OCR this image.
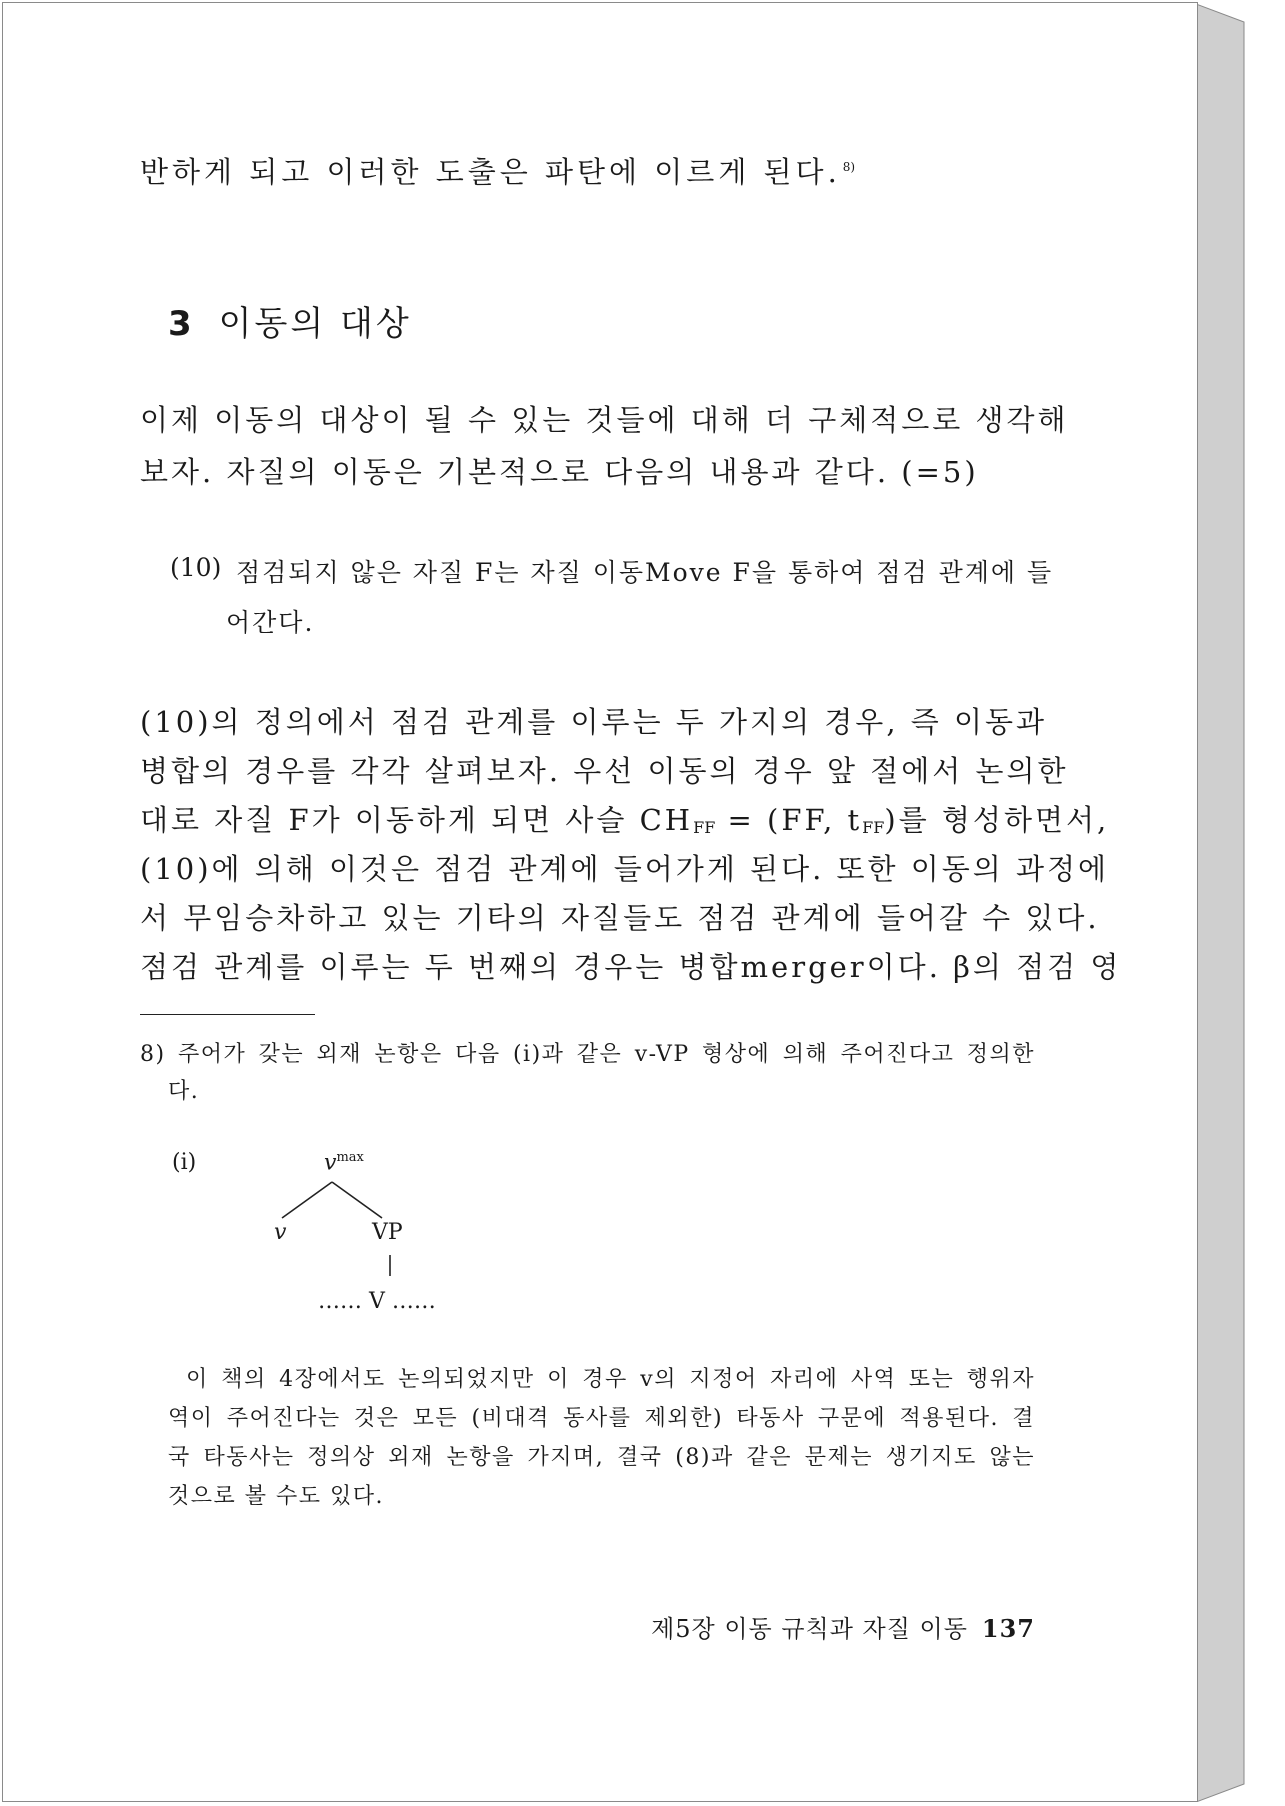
반하게 되고 이러한 도출은 파탄에 이르게 된다. $^{8)}$
3 이동의 대상
이제 이동의 대상이 될 수 있는 것들에 대해 더 구체적으로 생각해
보자. 자질의 이동은 기본적으로 다음의 내용과 같다. (=5)
(10) 점검되지 않은 자질 F는 자질 이동Move F을 통하여 점검 관계에 들
어간다.
(10)의 정의에서 점검 관계를 이루는 두 가지의 경우, 즉 이동과
병합의 경우를 각각 살펴보자. 우선 이동의 경우 앞 절에서 논의한
대로 자질 F가 이동하게 되면 사슬 CHFF = (FF, tFF)를 형성하면서,
(10)에 의해 이것은 점검 관계에 들어가게 된다. 또한 이동의 과정에
서 무임승차하고 있는 기타의 자질들도 점검 관계에 들어갈 수 있다.
점검 관계를 이루는 두 번째의 경우는 병합merger이다. β의 점검 영
8) 주어가 갖는 외재 논항은 다음 (i)과 같은 v-VP 형상에 의해 주어진다고 정의한
다.
(i)	$v^{max}$
v	VP
…… V ……
이 책의 4장에서도 논의되었지만 이 경우 v의 지정어 자리에 사역 또는 행위자
역이 주어진다는 것은 모든 (비대격 동사를 제외한) 타동사 구문에 적용된다. 결
국 타동사는 정의상 외재 논항을 가지며, 결국 (8)과 같은 문제는 생기지도 않는
것으로 볼 수도 있다.
제5장 이동 규칙과 자질 이동 137
